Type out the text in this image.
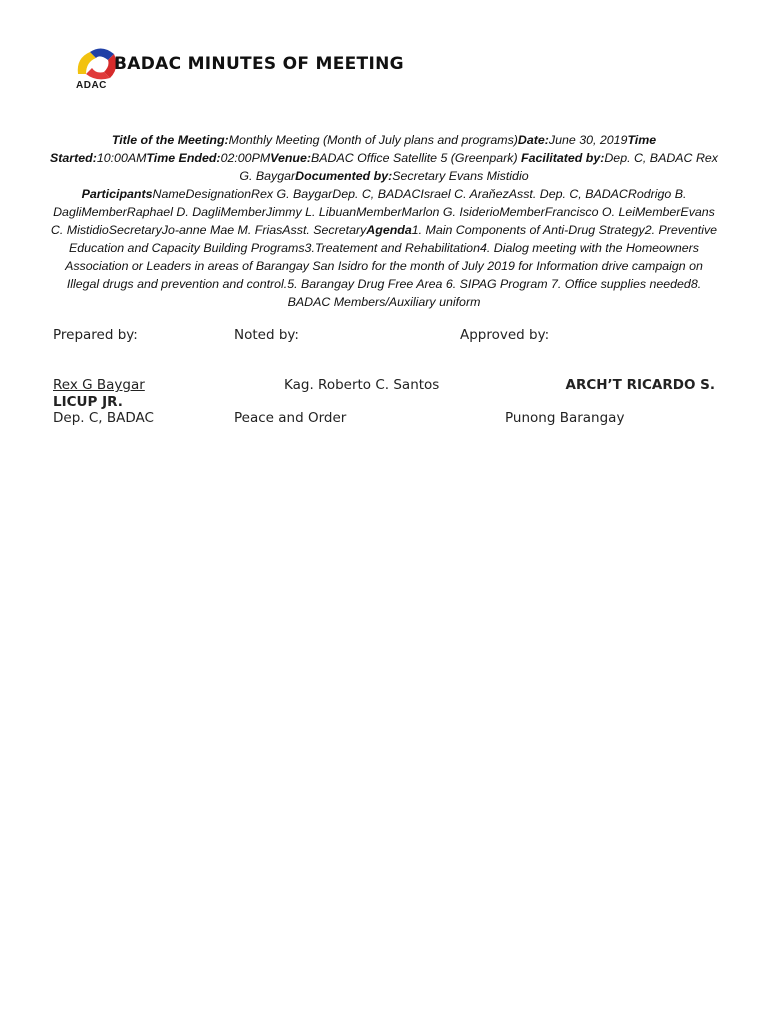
ADAC
BADAC MINUTES OF MEETING
Title of the Meeting:Monthly Meeting (Month of July plans and programs)Date:June 30, 2019Time Started:10:00AMTime Ended:02:00PMVenue:BADAC Office Satellite 5 (Greenpark) Facilitated by:Dep. C, BADAC Rex G. BaygarDocumented by:Secretary Evans Mistidio
ParticipantsNameDesignationRex G. BaygarDep. C, BADACIsrael C. AraňezAsst. Dep. C, BADACRodrigo B. DagliMemberRaphael D. DagliMemberJimmy L. LibuanMemberMarlon G. IsiderioMemberFrancisco O. LeiMemberEvans C. MistidioSecretaryJo-anne Mae M. FriasAsst. SecretaryAgenda1. Main Components of Anti-Drug Strategy2. Preventive Education and Capacity Building Programs3.Treatement and Rehabilitation4. Dialog meeting with the Homeowners Association or Leaders in areas of Barangay San Isidro for the month of July 2019 for Information drive campaign on Illegal drugs and prevention and control.5. Barangay Drug Free Area 6. SIPAG Program 7. Office supplies needed8. BADAC Members/Auxiliary uniform
Prepared by:	Noted by:	Approved by:
Rex G Baygar	Kag. Roberto C. Santos	ARCH’T RICARDO S.
LICUP JR.
Dep. C, BADAC	Peace and Order	Punong Barangay
